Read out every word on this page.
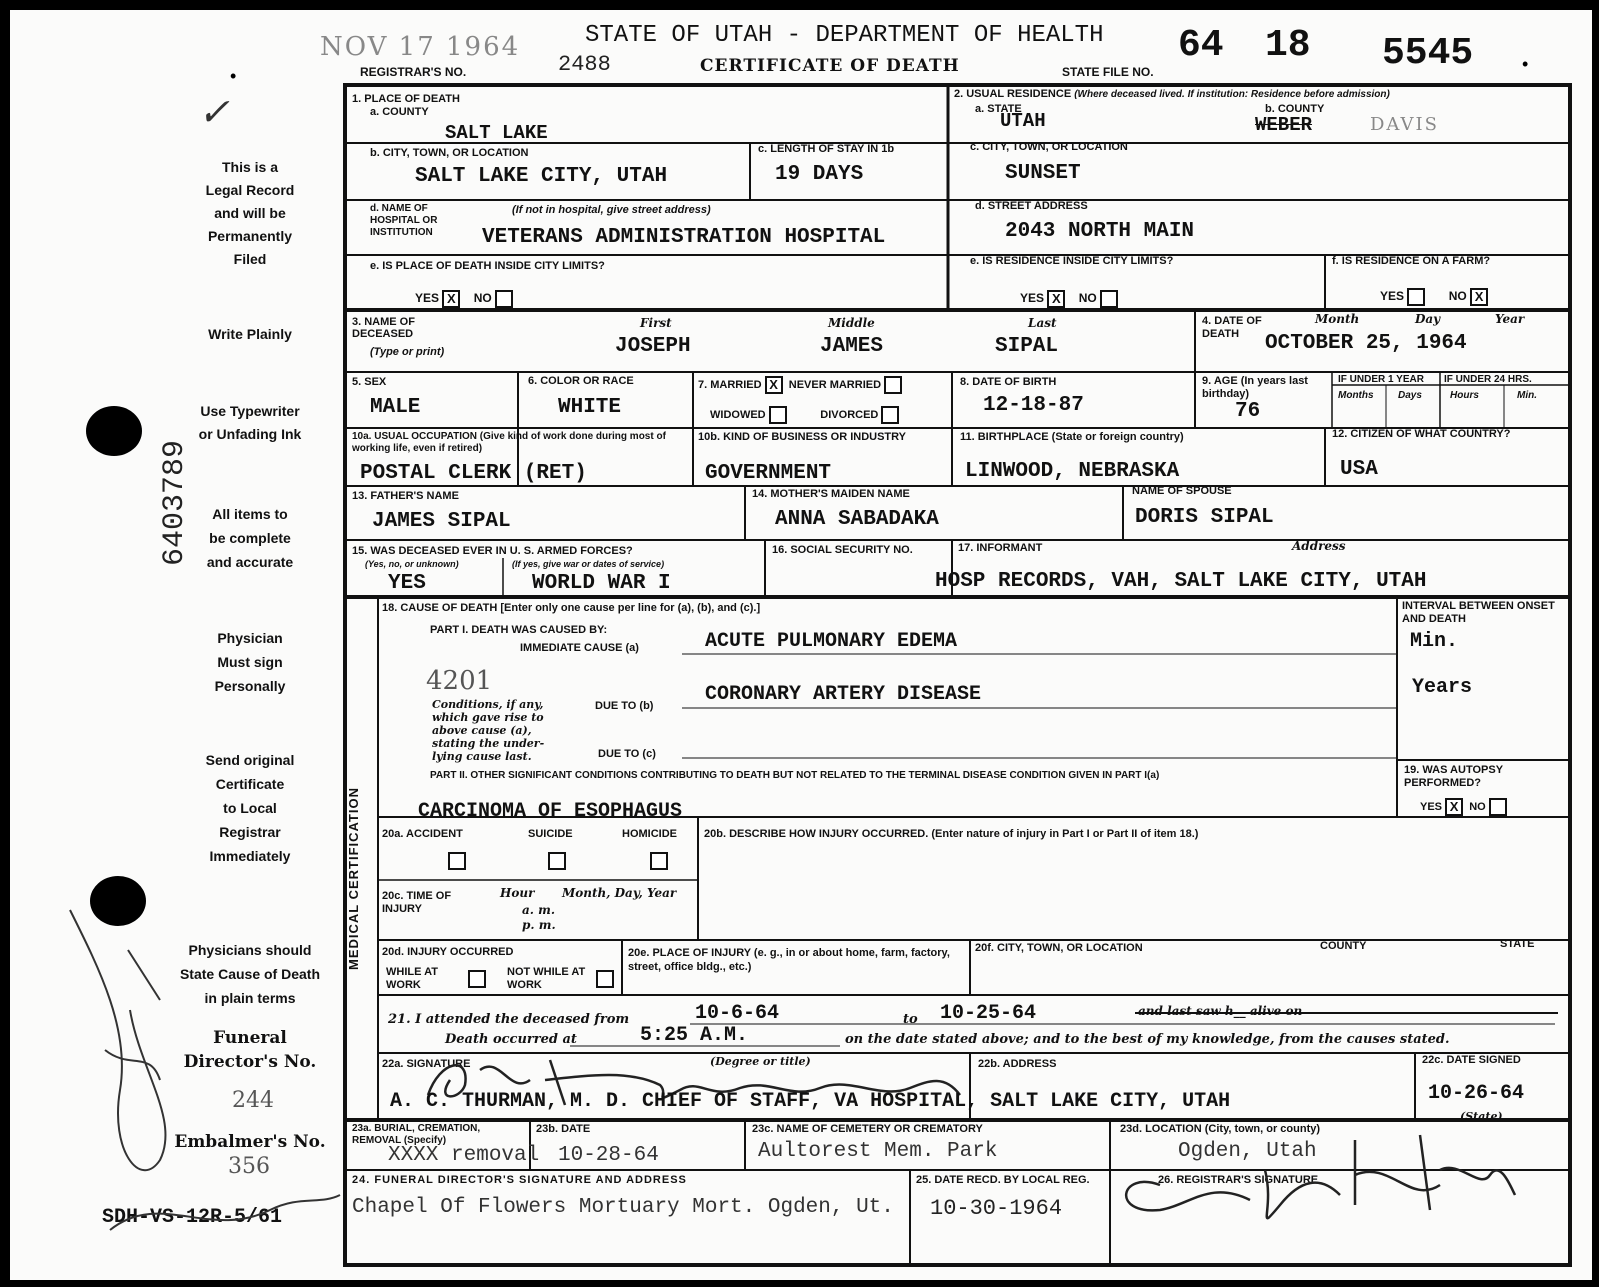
NOV 17 1964	STATE OF UTAH - DEPARTMENT OF HEALTH
REGISTRAR'S NO.	2488	CERTIFICATE OF DEATH	STATE FILE NO.
64 18 5545
•
•
✓
This is a
Legal Record
and will be
Permanently
Filed
Write Plainly
Use Typewriter
or Unfading Ink
All items to
be complete
and accurate
Physician
Must sign
Personally
Send original
Certificate
to Local
Registrar
Immediately
Physicians should
State Cause of Death
in plain terms
Funeral
Director's No.
244
Embalmer's No.
356
6403789
SDH-VS-12R-5/61
1. PLACE OF DEATH
a. COUNTY
SALT LAKE
2. USUAL RESIDENCE (Where deceased lived. If institution: Residence before admission)
a. STATE
UTAH
b. COUNTY
WEBER	DAVIS
b. CITY, TOWN, OR LOCATION
SALT LAKE CITY, UTAH
c. LENGTH OF STAY IN 1b
19 DAYS
c. CITY, TOWN, OR LOCATION
SUNSET
d. NAME OF HOSPITAL OR INSTITUTION
(If not in hospital, give street address)
VETERANS ADMINISTRATION HOSPITAL
d. STREET ADDRESS
2043 NORTH MAIN
e. IS PLACE OF DEATH INSIDE CITY LIMITS?
YES X NO
e. IS RESIDENCE INSIDE CITY LIMITS?
YES X NO
f. IS RESIDENCE ON A FARM?
YES	NO X
3. NAME OF DECEASED
(Type or print)
First	Middle	Last
JOSEPH	JAMES	SIPAL
4. DATE OF DEATH
Month	Day	Year
OCTOBER 25, 1964
5. SEX
MALE
6. COLOR OR RACE
WHITE
7. MARRIED X NEVER MARRIED
WIDOWED	DIVORCED
8. DATE OF BIRTH
12-18-87
9. AGE (In years last birthday)
76
IF UNDER 1 YEAR IF UNDER 24 HRS.
Months Days	Hours	Min.
10a. USUAL OCCUPATION (Give kind of work done during most of working life, even if retired)
POSTAL CLERK (RET)
10b. KIND OF BUSINESS OR INDUSTRY
GOVERNMENT
11. BIRTHPLACE (State or foreign country)
LINWOOD, NEBRASKA
12. CITIZEN OF WHAT COUNTRY?
USA
13. FATHER'S NAME
JAMES SIPAL
14. MOTHER'S MAIDEN NAME
ANNA SABADAKA
NAME OF SPOUSE
DORIS SIPAL
15. WAS DECEASED EVER IN U. S. ARMED FORCES?
(Yes, no, or unknown)	(If yes, give war or dates of service)
YES	WORLD WAR I
16. SOCIAL SECURITY NO.	17. INFORMANT	Address
HOSP RECORDS, VAH, SALT LAKE CITY, UTAH
MEDICAL CERTIFICATION
18. CAUSE OF DEATH [Enter only one cause per line for (a), (b), and (c).]
PART I. DEATH WAS CAUSED BY:
IMMEDIATE CAUSE (a)	ACUTE PULMONARY EDEMA
4201
Conditions, if any,
which gave rise to
above cause (a),
stating the under-
lying cause last.
DUE TO (b)	CORONARY ARTERY DISEASE
DUE TO (c)
INTERVAL BETWEEN ONSET AND DEATH
Min.
Years
PART II. OTHER SIGNIFICANT CONDITIONS CONTRIBUTING TO DEATH BUT NOT RELATED TO THE TERMINAL DISEASE CONDITION GIVEN IN PART I(a)
CARCINOMA OF ESOPHAGUS
19. WAS AUTOPSY PERFORMED?
YES X NO
20a. ACCIDENT	SUICIDE	HOMICIDE 20b. DESCRIBE HOW INJURY OCCURRED. (Enter nature of injury in Part I or Part II of item 18.)
20c. TIME OF INJURY
Hour
a. m.
p. m.
Month, Day, Year
20d. INJURY OCCURRED
WHILE AT WORK
NOT WHILE AT WORK
20e. PLACE OF INJURY (e. g., in or about home, farm, factory, street, office bldg., etc.)
20f. CITY, TOWN, OR LOCATION	COUNTY	STATE
21. I attended the deceased from	10-6-64	to 10-25-64	and last saw h__ alive on
Death occurred at	5:25 A.M.	on the date stated above; and to the best of my knowledge, from the causes stated.
22a. SIGNATURE	(Degree or title)
A. C. THURMAN, M. D. CHIEF OF STAFF, VA HOSPITAL, SALT LAKE CITY, UTAH
22b. ADDRESS	22c. DATE SIGNED
10-26-64
23a. BURIAL, CREMATION, REMOVAL (Specify)
XXXX removal
23b. DATE
10-28-64
23c. NAME OF CEMETERY OR CREMATORY
Aultorest Mem. Park
23d. LOCATION (City, town, or county)
(State)
Ogden, Utah
24. FUNERAL DIRECTOR'S SIGNATURE AND ADDRESS
Chapel Of Flowers Mortuary Mort. Ogden, Ut.
25. DATE RECD. BY LOCAL REG.
10-30-1964
26. REGISTRAR'S SIGNATURE
